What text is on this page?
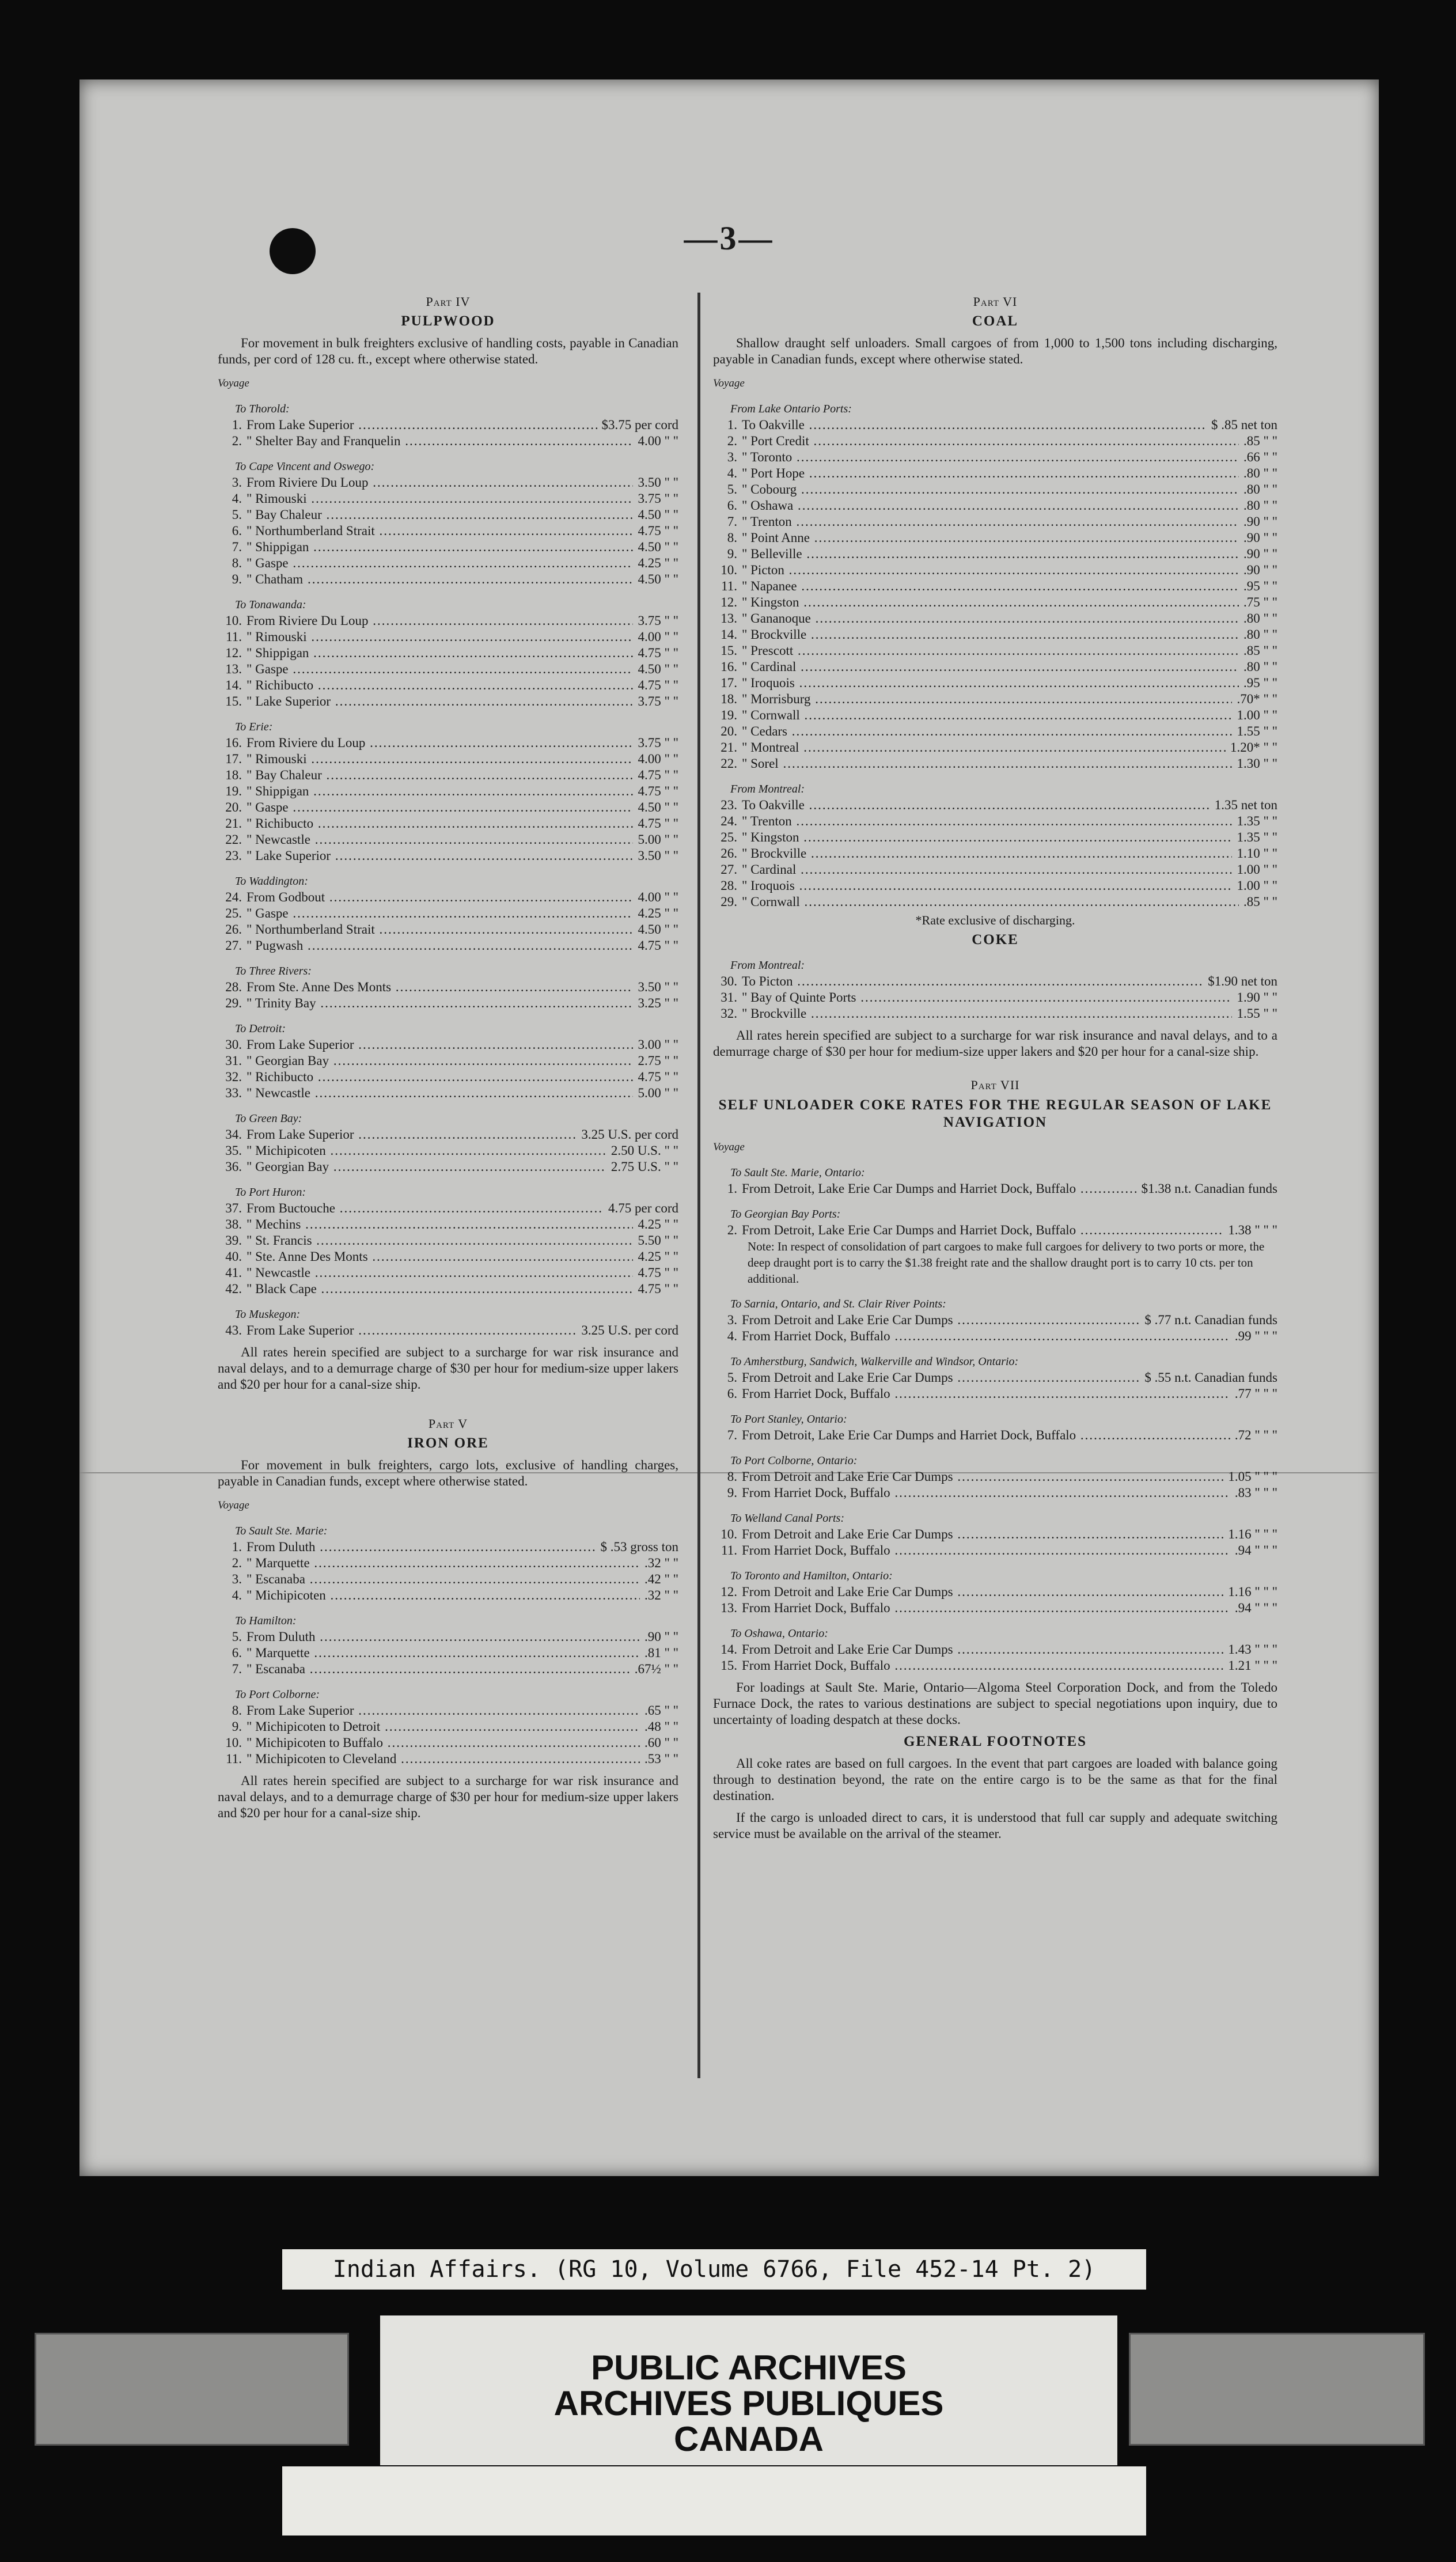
—3—
Part IV
PULPWOOD
For movement in bulk freighters exclusive of handling costs, payable in Canadian funds, per cord of 128 cu. ft., except where otherwise stated.
Voyage
To Thorold:
1. From Lake Superior .....	$3.75 per cord
2. " Shelter Bay and Franquelin .....	4.00 " "
To Cape Vincent and Oswego:
3. From Riviere Du Loup .....	3.50 " "
4. " Rimouski .....	3.75 " "
5. " Bay Chaleur .....	4.50 " "
6. " Northumberland Strait .....	4.75 " "
7. " Shippigan .....	4.50 " "
8. " Gaspe .....	4.25 " "
9. " Chatham .....	4.50 " "
To Tonawanda:
10. From Riviere Du Loup .....	3.75 " "
11. " Rimouski .....	4.00 " "
12. " Shippigan .....	4.75 " "
13. " Gaspe .....	4.50 " "
14. " Richibucto .....	4.75 " "
15. " Lake Superior .....	3.75 " "
To Erie:
16. From Riviere du Loup .....	3.75 " "
17. " Rimouski .....	4.00 " "
18. " Bay Chaleur .....	4.75 " "
19. " Shippigan .....	4.75 " "
20. " Gaspe .....	4.50 " "
21. " Richibucto .....	4.75 " "
22. " Newcastle .....	5.00 " "
23. " Lake Superior .....	3.50 " "
To Waddington:
24. From Godbout .....	4.00 " "
25. " Gaspe .....	4.25 " "
26. " Northumberland Strait .....	4.50 " "
27. " Pugwash .....	4.75 " "
To Three Rivers:
28. From Ste. Anne Des Monts .....	3.50 " "
29. " Trinity Bay .....	3.25 " "
To Detroit:
30. From Lake Superior .....	3.00 " "
31. " Georgian Bay .....	2.75 " "
32. " Richibucto .....	4.75 " "
33. " Newcastle .....	5.00 " "
To Green Bay:
34. From Lake Superior .....	3.25 U.S. per cord
35. " Michipicoten .....	2.50 U.S. " "
36. " Georgian Bay .....	2.75 U.S. " "
To Port Huron:
37. From Buctouche .....	4.75 per cord
38. " Mechins .....	4.25 " "
39. " St. Francis .....	5.50 " "
40. " Ste. Anne Des Monts .....	4.25 " "
41. " Newcastle .....	4.75 " "
42. " Black Cape .....	4.75 " "
To Muskegon:
43. From Lake Superior .....	3.25 U.S. per cord
All rates herein specified are subject to a surcharge for war risk insurance and naval delays, and to a demurrage charge of $30 per hour for medium-size upper lakers and $20 per hour for a canal-size ship.
Part V
IRON ORE
For movement in bulk freighters, cargo lots, exclusive of handling charges, payable in Canadian funds, except where otherwise stated.
Voyage
To Sault Ste. Marie:
1. From Duluth .....	$ .53 gross ton
2. " Marquette .....	.32 " "
3. " Escanaba .....	.42 " "
4. " Michipicoten .....	.32 " "
To Hamilton:
5. From Duluth .....	.90 " "
6. " Marquette .....	.81 " "
7. " Escanaba .....	.67½ " "
To Port Colborne:
8. From Lake Superior .....	.65 " "
9. " Michipicoten to Detroit .....	.48 " "
10. " Michipicoten to Buffalo .....	.60 " "
11. " Michipicoten to Cleveland .....	.53 " "
All rates herein specified are subject to a surcharge for war risk insurance and naval delays, and to a demurrage charge of $30 per hour for medium-size upper lakers and $20 per hour for a canal-size ship.
Part VI
COAL
Shallow draught self unloaders. Small cargoes of from 1,000 to 1,500 tons including discharging, payable in Canadian funds, except where otherwise stated.
Voyage
From Lake Ontario Ports:
1. To Oakville .....	$ .85 net ton
2. " Port Credit .....	.85 " "
3. " Toronto .....	.66 " "
4. " Port Hope .....	.80 " "
5. " Cobourg .....	.80 " "
6. " Oshawa .....	.80 " "
7. " Trenton .....	.90 " "
8. " Point Anne .....	.90 " "
9. " Belleville .....	.90 " "
10. " Picton .....	.90 " "
11. " Napanee .....	.95 " "
12. " Kingston .....	.75 " "
13. " Gananoque .....	.80 " "
14. " Brockville .....	.80 " "
15. " Prescott .....	.85 " "
16. " Cardinal .....	.80 " "
17. " Iroquois .....	.95 " "
18. " Morrisburg .....	.70* " "
19. " Cornwall .....	1.00 " "
20. " Cedars .....	1.55 " "
21. " Montreal .....	1.20* " "
22. " Sorel .....	1.30 " "
From Montreal:
23. To Oakville .....	1.35 net ton
24. " Trenton .....	1.35 " "
25. " Kingston .....	1.35 " "
26. " Brockville .....	1.10 " "
27. " Cardinal .....	1.00 " "
28. " Iroquois .....	1.00 " "
29. " Cornwall .....	.85 " "
*Rate exclusive of discharging.
COKE
From Montreal:
30. To Picton .....	$1.90 net ton
31. " Bay of Quinte Ports .....	1.90 " "
32. " Brockville .....	1.55 " "
All rates herein specified are subject to a surcharge for war risk insurance and naval delays, and to a demurrage charge of $30 per hour for medium-size upper lakers and $20 per hour for a canal-size ship.
Part VII
SELF UNLOADER COKE RATES FOR THE REGULAR SEASON OF LAKE NAVIGATION
Voyage
To Sault Ste. Marie, Ontario:
1. From Detroit, Lake Erie Car Dumps and Harriet Dock, Buffalo .....	$1.38 n.t. Canadian funds
To Georgian Bay Ports:
2. From Detroit, Lake Erie Car Dumps and Harriet Dock, Buffalo .....	1.38 " " "
Note: In respect of consolidation of part cargoes to make full cargoes for delivery to two ports or more, the deep draught port is to carry the $1.38 freight rate and the shallow draught port is to carry 10 cts. per ton additional.
To Sarnia, Ontario, and St. Clair River Points:
3. From Detroit and Lake Erie Car Dumps .....	$ .77 n.t. Canadian funds
4. From Harriet Dock, Buffalo .....	.99 " " "
To Amherstburg, Sandwich, Walkerville and Windsor, Ontario:
5. From Detroit and Lake Erie Car Dumps .....	$ .55 n.t. Canadian funds
6. From Harriet Dock, Buffalo .....	.77 " " "
To Port Stanley, Ontario:
7. From Detroit, Lake Erie Car Dumps and Harriet Dock, Buffalo .....	.72 " " "
To Port Colborne, Ontario:
8. From Detroit and Lake Erie Car Dumps .....	1.05 " " "
9. From Harriet Dock, Buffalo .....	.83 " " "
To Welland Canal Ports:
10. From Detroit and Lake Erie Car Dumps .....	1.16 " " "
11. From Harriet Dock, Buffalo .....	.94 " " "
To Toronto and Hamilton, Ontario:
12. From Detroit and Lake Erie Car Dumps .....	1.16 " " "
13. From Harriet Dock, Buffalo .....	.94 " " "
To Oshawa, Ontario:
14. From Detroit and Lake Erie Car Dumps .....	1.43 " " "
15. From Harriet Dock, Buffalo .....	1.21 " " "
For loadings at Sault Ste. Marie, Ontario—Algoma Steel Corporation Dock, and from the Toledo Furnace Dock, the rates to various destinations are subject to special negotiations upon inquiry, due to uncertainty of loading despatch at these docks.
GENERAL FOOTNOTES
All coke rates are based on full cargoes. In the event that part cargoes are loaded with balance going through to destination beyond, the rate on the entire cargo is to be the same as that for the final destination.
If the cargo is unloaded direct to cars, it is understood that full car supply and adequate switching service must be available on the arrival of the steamer.
Indian Affairs. (RG 10, Volume 6766, File 452-14 Pt. 2)
PUBLIC ARCHIVES
ARCHIVES PUBLIQUES
CANADA
